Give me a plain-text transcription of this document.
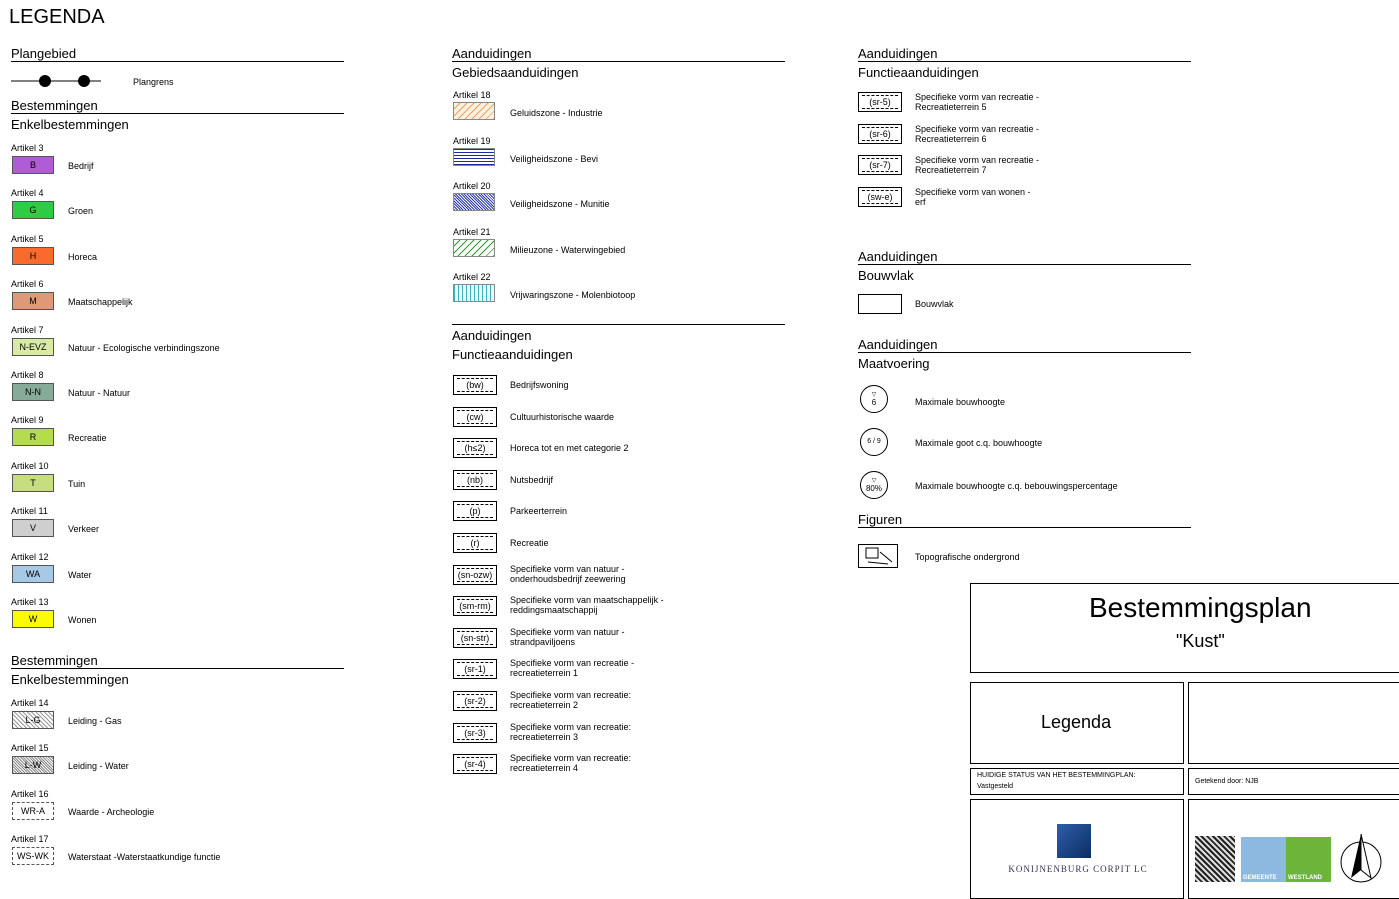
LEGENDA
Plangebied
Plangrens
Bestemmingen
Enkelbestemmingen
Artikel 3
B	Bedrijf
Artikel 4
G	Groen
Artikel 5
H	Horeca
Artikel 6
M	Maatschappelijk
Artikel 7
N-EVZ	Natuur - Ecologische verbindingszone
Artikel 8
N-N	Natuur - Natuur
Artikel 9
R	Recreatie
Artikel 10
T	Tuin
Artikel 11
V	Verkeer
Artikel 12
WA	Water
Artikel 13
W	Wonen
Bestemmingen
Enkelbestemmingen
Artikel 14
L-G	Leiding - Gas
Artikel 15
L-W	Leiding - Water
Artikel 16
WR-A	Waarde - Archeologie
Artikel 17
WS-WK	Waterstaat -Waterstaatkundige functie
Aanduidingen
Gebiedsaanduidingen
Artikel 18
Geluidszone - Industrie
Artikel 19
Veiligheidszone - Bevi
Artikel 20
Veiligheidszone - Munitie
Artikel 21
Milieuzone - Waterwingebied
Artikel 22
Vrijwaringszone - Molenbiotoop
Aanduidingen
Functieaanduidingen
(bw)	Bedrijfswoning
(cw)	Cultuurhistorische waarde
(h≤2)	Horeca tot en met categorie 2
(nb)	Nutsbedrijf
(p)	Parkeerterrein
(r)	Recreatie
(sn-ozw)
Specifieke vorm van natuur -
onderhoudsbedrijf zeewering
(sm-rm)
Specifieke vorm van maatschappelijk -
reddingsmaatschappij
(sn-str)
Specifieke vorm van natuur -
strandpaviljoens
(sr-1)
Specifieke vorm van recreatie -
recreatieterrein 1
(sr-2)
Specifieke vorm van recreatie:
recreatieterrein 2
(sr-3)
Specifieke vorm van recreatie:
recreatieterrein 3
(sr-4)
Specifieke vorm van recreatie:
recreatieterrein 4
Aanduidingen
Functieaanduidingen
(sr-5)	Specifieke vorm van recreatie -
Recreatieterrein 5
(sr-6)	Specifieke vorm van recreatie -
Recreatieterrein 6
(sr-7)	Specifieke vorm van recreatie -
Recreatieterrein 7
(sw-e)	Specifieke vorm van wonen -
erf
Aanduidingen
Bouwvlak
Bouwvlak
Aanduidingen
Maatvoering
▽
6	Maximale bouwhoogte
6 / 9	Maximale goot c.q. bouwhoogte
▽
80%	Maximale bouwhoogte c.q. bebouwingspercentage
Figuren
Topografische ondergrond
Bestemmingsplan
"Kust"
Legenda
HUIDIGE STATUS VAN HET BESTEMMINGPLAN:
Vastgesteld
Getekend door: NJB
KONIJNENBURG CORPIT LC
GEMEENTE WESTLAND
